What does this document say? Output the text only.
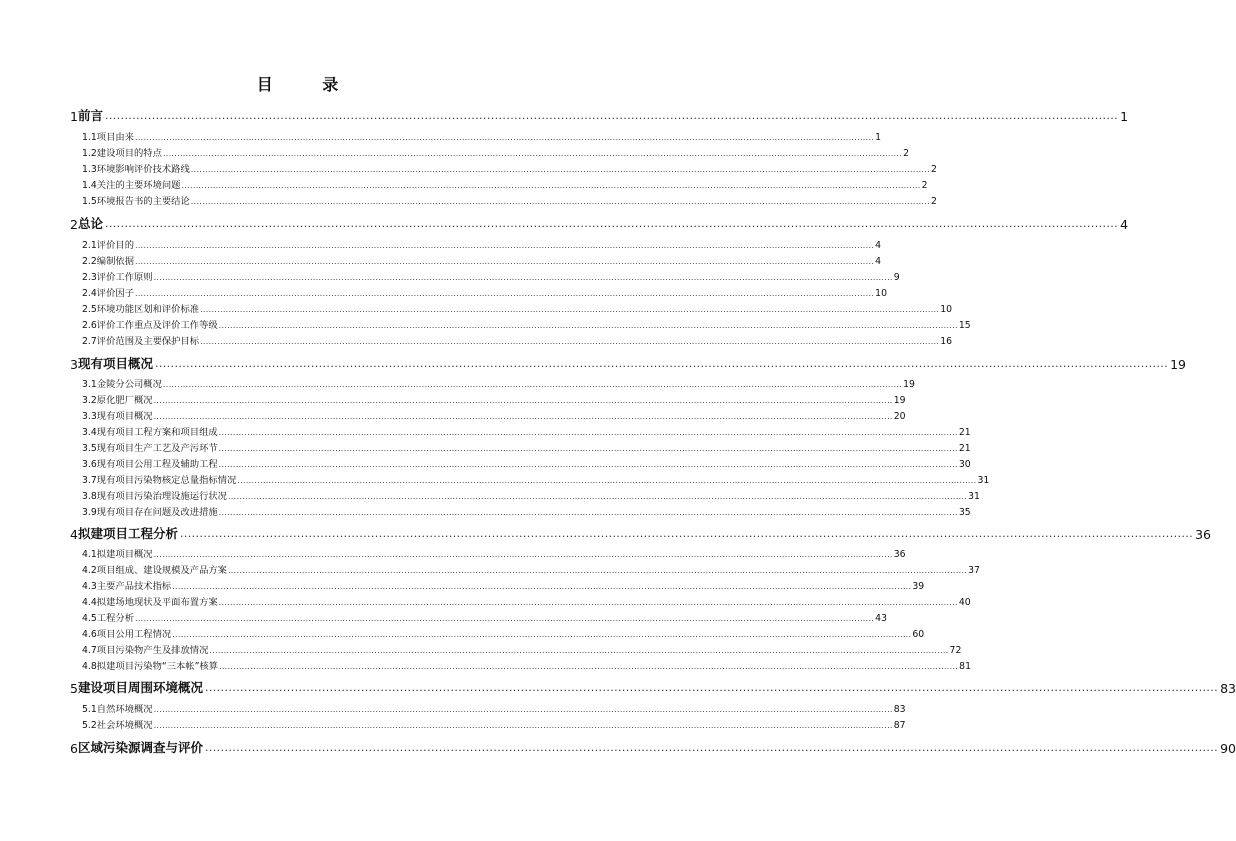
目 录
1 前言 .................................................................................................................................................................................................................................................................... 1
1.1 项目由来 .................................................................................................................................................................................................................................................................... 1
1.2 建设项目的特点 .................................................................................................................................................................................................................................................................... 2
1.3 环境影响评价技术路线 .................................................................................................................................................................................................................................................................... 2
1.4 关注的主要环境问题 .................................................................................................................................................................................................................................................................... 2
1.5 环境报告书的主要结论 .................................................................................................................................................................................................................................................................... 2
2 总论 .................................................................................................................................................................................................................................................................... 4
2.1 评价目的 .................................................................................................................................................................................................................................................................... 4
2.2 编制依据 .................................................................................................................................................................................................................................................................... 4
2.3 评价工作原则 .................................................................................................................................................................................................................................................................... 9
2.4 评价因子 .................................................................................................................................................................................................................................................................... 10
2.5 环境功能区划和评价标准 .................................................................................................................................................................................................................................................................... 10
2.6 评价工作重点及评价工作等级 .................................................................................................................................................................................................................................................................... 15
2.7 评价范围及主要保护目标 .................................................................................................................................................................................................................................................................... 16
3 现有项目概况 .................................................................................................................................................................................................................................................................... 19
3.1 金陵分公司概况 .................................................................................................................................................................................................................................................................... 19
3.2 原化肥厂概况 .................................................................................................................................................................................................................................................................... 19
3.3 现有项目概况 .................................................................................................................................................................................................................................................................... 20
3.4 现有项目工程方案和项目组成 .................................................................................................................................................................................................................................................................... 21
3.5 现有项目生产工艺及产污环节 .................................................................................................................................................................................................................................................................... 21
3.6 现有项目公用工程及辅助工程 .................................................................................................................................................................................................................................................................... 30
3.7 现有项目污染物核定总量指标情况 .................................................................................................................................................................................................................................................................... 31
3.8 现有项目污染治理设施运行状况 .................................................................................................................................................................................................................................................................... 31
3.9 现有项目存在问题及改进措施 .................................................................................................................................................................................................................................................................... 35
4 拟建项目工程分析 .................................................................................................................................................................................................................................................................... 36
4.1 拟建项目概况 .................................................................................................................................................................................................................................................................... 36
4.2 项目组成、建设规模及产品方案 .................................................................................................................................................................................................................................................................... 37
4.3 主要产品技术指标 .................................................................................................................................................................................................................................................................... 39
4.4 拟建场地现状及平面布置方案 .................................................................................................................................................................................................................................................................... 40
4.5 工程分析 .................................................................................................................................................................................................................................................................... 43
4.6 项目公用工程情况 .................................................................................................................................................................................................................................................................... 60
4.7 项目污染物产生及排放情况 .................................................................................................................................................................................................................................................................... 72
4.8 拟建项目污染物“三本帐”核算 .................................................................................................................................................................................................................................................................... 81
5 建设项目周围环境概况 .................................................................................................................................................................................................................................................................... 83
5.1 自然环境概况 .................................................................................................................................................................................................................................................................... 83
5.2 社会环境概况 .................................................................................................................................................................................................................................................................... 87
6 区域污染源调查与评价 .................................................................................................................................................................................................................................................................... 90
